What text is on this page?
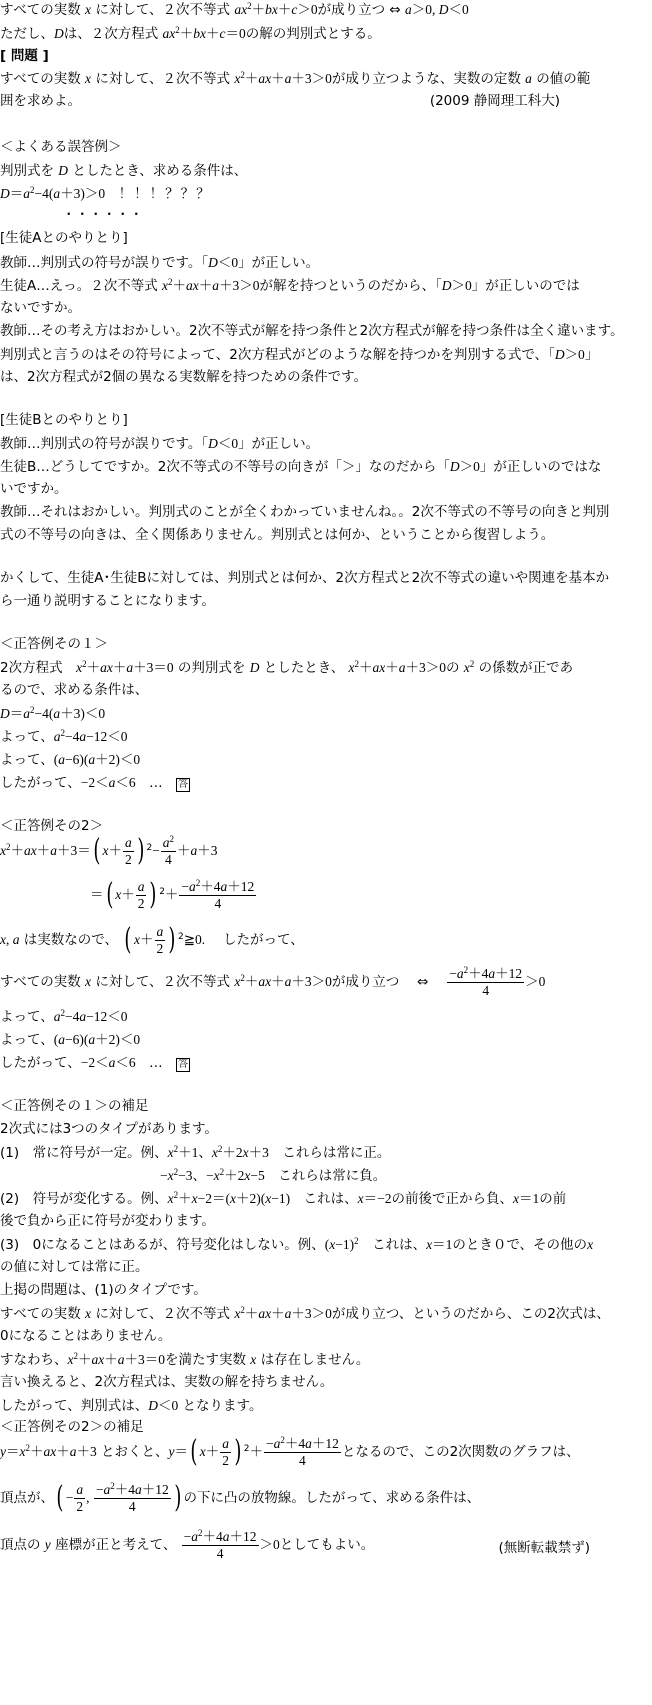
すべての実数 x に対して、２次不等式 $ax^2+bx+c>0$が成り立つ ⇔ a＞0, D＜0
ただし、Dは、２次方程式 $ax^2+bx+c=0$の解の判別式とする。
[ 問題 ]
すべての実数 x に対して、２次不等式 $x^2+ax+a+3>0$が成り立つような、実数の定数 a の値の範
囲を求めよ。	(2009 静岡理工科大)
＜よくある誤答例＞
判別式を D としたとき、求める条件は、
$D=a^2-4(a+3)>0$　 ！！！？？？
・・・・・・
[生徒Aとのやりとり]
教師…判別式の符号が誤りです。「D＜0」が正しい。
生徒A…えっ。２次不等式 $x^2+ax+a+3>0$が解を持つというのだから、「D＞0」が正しいのでは
ないですか。
教師…その考え方はおかしい。2次不等式が解を持つ条件と2次方程式が解を持つ条件は全く違います。
判別式と言うのはその符号によって、2次方程式がどのような解を持つかを判別する式で、「D＞0」
は、2次方程式が2個の異なる実数解を持つための条件です。
[生徒Bとのやりとり]
教師…判別式の符号が誤りです。「D＜0」が正しい。
生徒B…どうしてですか。2次不等式の不等号の向きが「＞」なのだから「D＞0」が正しいのではな
いですか。
教師…それはおかしい。判別式のことが全くわかっていませんね。。2次不等式の不等号の向きと判別
式の不等号の向きは、全く関係ありません。判別式とは何か、ということから復習しよう。
かくして、生徒A･生徒Bに対しては、判別式とは何か、2次方程式と2次不等式の違いや関連を基本か
ら一通り説明することになります。
＜正答例その１＞
2次方程式　 $x^2+ax+a+3=0$ の判別式を D としたとき、 $x^2+ax+a+3>0$の $x^2$ の係数が正であ
るので、求める条件は、
$D=a^2-4(a+3)<0$
よって、$a^2-4a-12<0$
よって、(a−6)(a＋2)＜0
したがって、−2＜a＜6　…　答
＜正答例その2＞
$x^2+ax+a+3=$( $x+ \frac{a}{2}$ ) $^2- \frac{a^2}{4} +a+3$
＝( $x+ \frac{a}{2}$ ) $^2+ \frac{-a^2+4a+12}{4}$
x, a は実数なので、 ( $x+ \frac{a}{2}$ ) $^2$≧0.　 したがって、
すべての実数 x に対して、２次不等式 $x^2+ax+a+3>0$が成り立つ 　 ⇔　 $\frac{-a^2+4a+12}{4} >0$
よって、$a^2-4a-12<0$
よって、(a−6)(a＋2)＜0
したがって、−2＜a＜6　…　答
＜正答例その１＞の補足
2次式には3つのタイプがあります。
(1)　常に符号が一定。例、$x^2+1$、$x^2+2x+3$　 これらは常に正。
$-x^2-3$、$-x^2+2x-5$　 これらは常に負。
(2)　符号が変化する。例、$x^2+x-2=(x+2)(x-1)$　 これは、x＝−2の前後で正から負、x＝1の前
後で負から正に符号が変わります。
(3)　0になることはあるが、符号変化はしない。例、$(x-1)^2$　 これは、x＝1のとき０で、その他のx
の値に対しては常に正。
上掲の問題は、(1)のタイプです。
すべての実数 x に対して、２次不等式 $x^2+ax+a+3>0$が成り立つ、というのだから、この2次式は、
0になることはありません。
すなわち、$x^2+ax+a+3=0$を満たす実数 x は存在しません。
言い換えると、2次方程式は、実数の解を持ちません。
したがって、判別式は、D＜0 となります。
＜正答例その2＞の補足
$y=x^2+ax+a+3$ とおくと、y＝( $x+ \frac{a}{2}$ ) $^2+ \frac{-a^2+4a+12}{4}$ となるので、この2次関数のグラフは、
頂点が、( − $\frac{a}{2}$ , $\frac{-a^2+4a+12}{4}$ ) の下に凸の放物線。したがって、求める条件は、
頂点の y 座標が正と考えて、 $\frac{-a^2+4a+12}{4} >0$としてもよい。	(無断転載禁ず)
